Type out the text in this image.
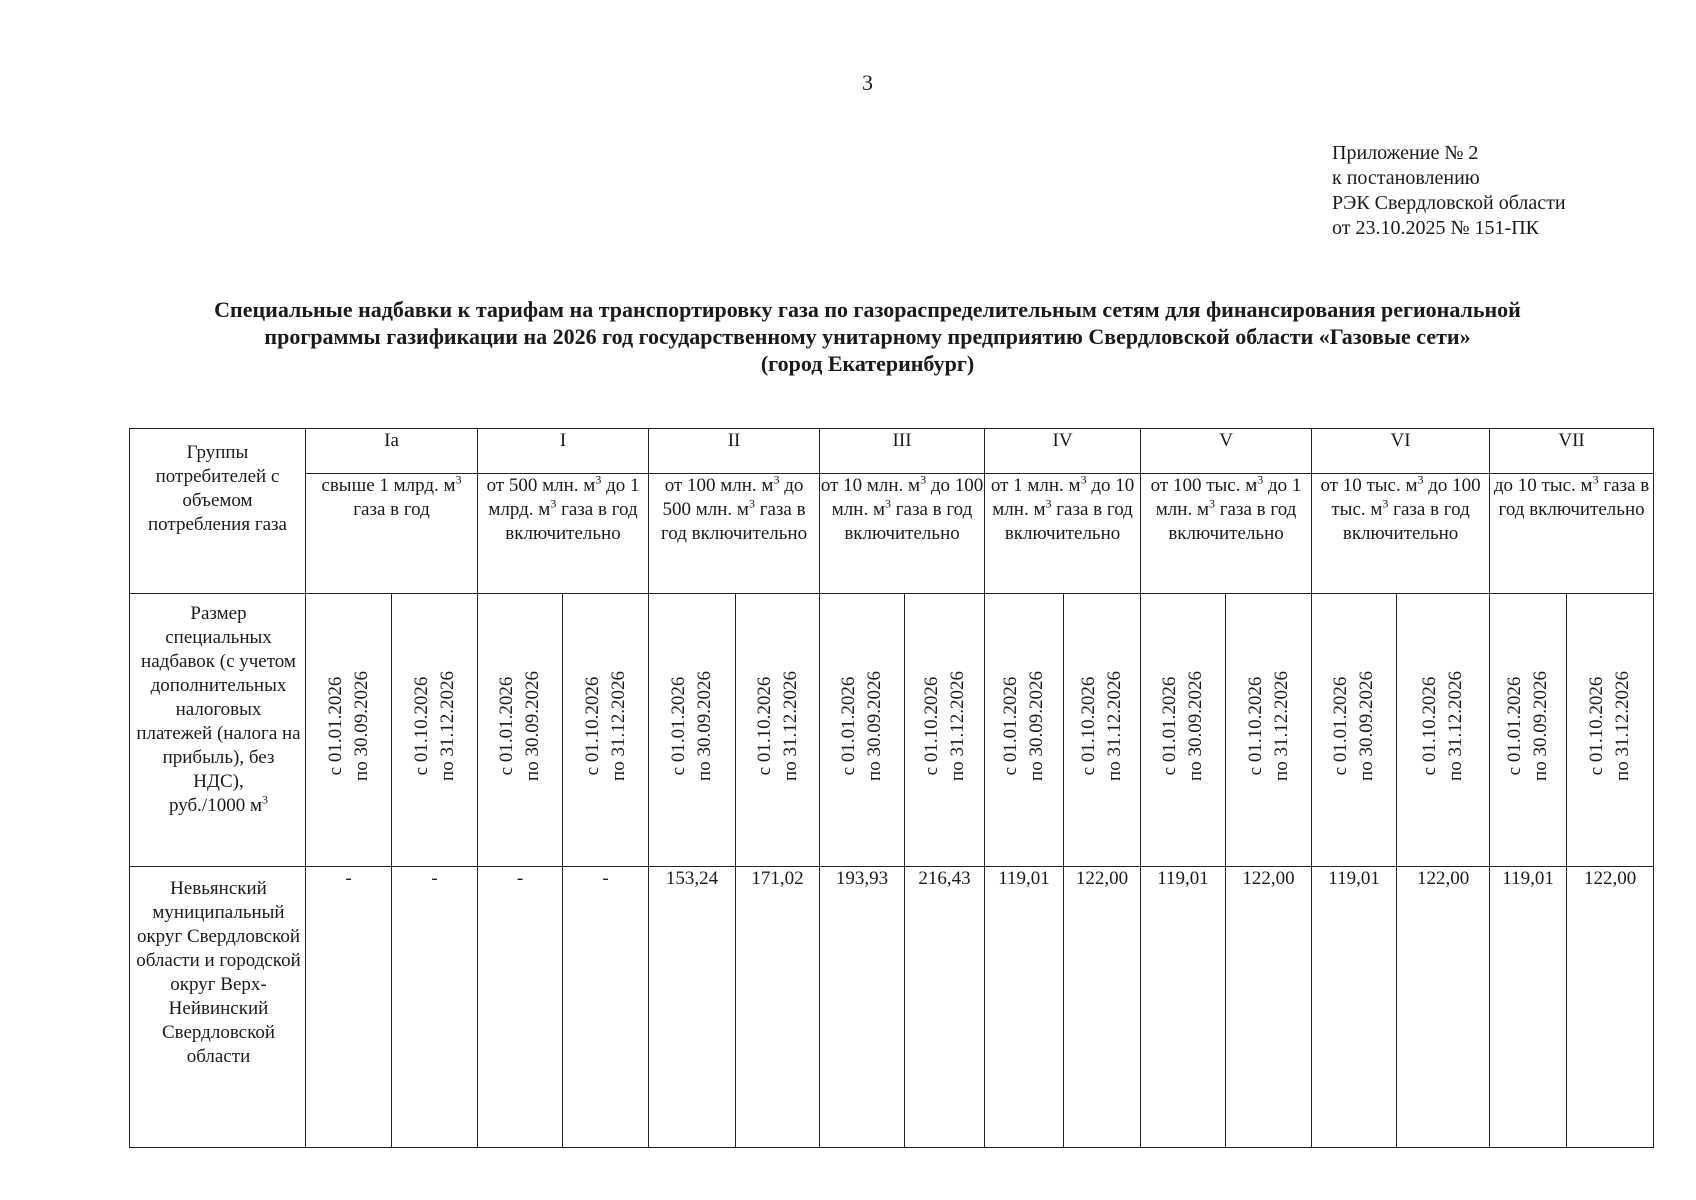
3
Приложение № 2
к постановлению
РЭК Свердловской области
от 23.10.2025 № 151-ПК
Специальные надбавки к тарифам на транспортировку газа по газораспределительным сетям для финансирования региональной
программы газификации на 2026 год государственному унитарному предприятию Свердловской области «Газовые сети»
(город Екатеринбург)
Группы потребителей с объемом потребления газа	Ia		I		II		III		IV		V		VI		VII	
	свыше 1 млрд. $м^3$ газа в год		от 500 млн. $м^3$ до 1 млрд. $м^3$ газа в год включительно		от 100 млн. $м^3$ до 500 млн. $м^3$ газа в год включительно		от 10 млн. $м^3$ до 100 млн. $м^3$ газа в год включительно		от 1 млн. $м^3$ до 10 млн. $м^3$ газа в год включительно		от 100 тыс. $м^3$ до 1 млн. $м^3$ газа в год включительно		от 10 тыс. $м^3$ до 100 тыс. $м^3$ газа в год включительно		до 10 тыс. $м^3$ газа в год включительно	
Размер специальных надбавок (с учетом дополнительных налоговых платежей (налога на прибыль), без НДС),
руб./1000 $м^3$	с 01.01.2026 по 30.09.2026	с 01.10.2026 по 31.12.2026	с 01.01.2026 по 30.09.2026	с 01.10.2026 по 31.12.2026	с 01.01.2026 по 30.09.2026	с 01.10.2026 по 31.12.2026	с 01.01.2026 по 30.09.2026	с 01.10.2026 по 31.12.2026	с 01.01.2026 по 30.09.2026	с 01.10.2026 по 31.12.2026	с 01.01.2026 по 30.09.2026	с 01.10.2026 по 31.12.2026	с 01.01.2026 по 30.09.2026	с 01.10.2026 по 31.12.2026	с 01.01.2026 по 30.09.2026	с 01.10.2026 по 31.12.2026

Невьянский муниципальный округ Свердловской области и городской округ Верх-Нейвинский Свердловской области	-	-	-	-	153,24	171,02	193,93	216,43	119,01	122,00	119,01	122,00	119,01	122,00	119,01	122,00
